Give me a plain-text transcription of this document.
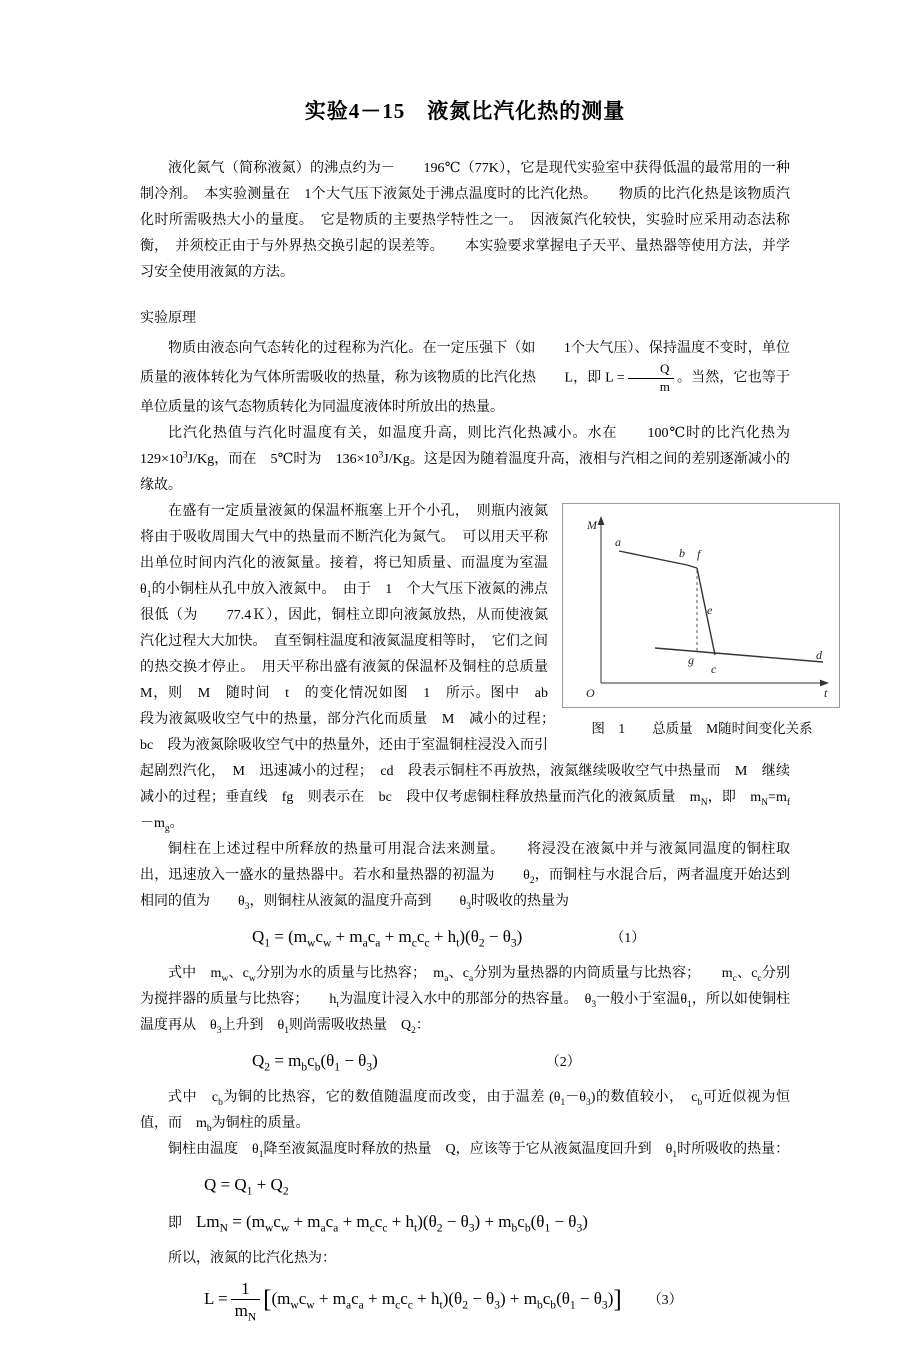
实验4－15　液氮比汽化热的测量
液化氮气（简称液氮）的沸点约为－　　196℃（77K），它是现代实验室中获得低温的最常用的一种制冷剂。　本实验测量在　1个大气压下液氮处于沸点温度时的比汽化热。　　物质的比汽化热是该物质汽化时所需吸热大小的量度。　它是物质的主要热学特性之一。　因液氮汽化较快，实验时应采用动态法称衡，　并须校正由于与外界热交换引起的误差等。　　本实验要求掌握电子天平、量热器等使用方法，并学习安全使用液氮的方法。
实验原理
物质由液态向气态转化的过程称为汽化。在一定压强下（如　　1个大气压）、保持温度不变时，单位质量的液体转化为气体所需吸收的热量，称为该物质的比汽化热　　L，即 $L = \frac{Q}{m}$ 。当然，它也等于单位质量的该气态物质转化为同温度液体时所放出的热量。
比汽化热值与汽化时温度有关，如温度升高，则比汽化热减小。水在　　100℃时的比汽化热为　$129\times 10^3J/Kg$，而在　5℃时为　$136\times 10^3J/Kg$。这是因为随着温度升高，液相与汽相之间的差别逐渐减小的缘故。
M
t
O
a
b f
e
g
c
d
图　1　　总质量　M随时间变化关系
在盛有一定质量液氮的保温杯瓶塞上开个小孔，　则瓶内液氮将由于吸收周围大气中的热量而不断汽化为氮气。　可以用天平称出单位时间内汽化的液氮量。接着，将已知质量、而温度为室温　$\theta_1$的小铜柱从孔中放入液氮中。　由于　1　个大气压下液氮的沸点很低（为　　77.4Ｋ），因此，铜柱立即向液氮放热，从而使液氮汽化过程大大加快。　直至铜柱温度和液氮温度相等时，　它们之间的热交换才停止。　用天平称出盛有液氮的保温杯及铜柱的总质量　M，则　M　随时间　t　的变化情况如图　1　所示。图中　ab　段为液氮吸收空气中的热量，部分汽化而质量　M　减小的过程；　bc　段为液氮除吸收空气中的热量外，还由于室温铜柱浸没入而引起剧烈汽化，　M　迅速减小的过程；　cd　段表示铜柱不再放热，液氮继续吸收空气中热量而　M　继续减小的过程；垂直线　fg　则表示在　bc　段中仅考虑铜柱释放热量而汽化的液氮质量　$m_N$，即　$m_N=m_f-m_g$。
铜柱在上述过程中所释放的热量可用混合法来测量。　　将浸没在液氮中并与液氮同温度的铜柱取出，迅速放入一盛水的量热器中。若水和量热器的初温为　　$\theta_2$，而铜柱与水混合后，两者温度开始达到相同的值为　　$\theta_3$，则铜柱从液氮的温度升高到　　$\theta_3$时吸收的热量为
$Q_1 = (m_wc_w + m_ac_a + m_cc_c + h_t)(\theta_2 - \theta_3)$	（1）
式中　$m_w$、$c_w$分别为水的质量与比热容；　$m_a$、$c_a$分别为量热器的内筒质量与比热容；　　$m_c$、$c_c$分别为搅拌器的质量与比热容；　　$h_t$为温度计浸入水中的那部分的热容量。　$\theta_3$一般小于室温$\theta_1$，所以如使铜柱温度再从　$\theta_3$上升到　$\theta_1$则尚需吸收热量　$Q_2$：
$Q_2 = m_bc_b(\theta_1 - \theta_3)$	（2）
式中　$c_b$为铜的比热容，它的数值随温度而改变，由于温差 $(\theta_1-\theta_3)$的数值较小，　$c_b$可近似视为恒值，而　$m_b$为铜柱的质量。
铜柱由温度　$\theta_1$降至液氮温度时释放的热量　Q，应该等于它从液氮温度回升到　$\theta_1$时所吸收的热量：
$Q = Q_1 + Q_2$
即 $Lm_N = (m_wc_w + m_ac_a + m_cc_c + h_t)(\theta_2 - \theta_3) + m_bc_b(\theta_1 - \theta_3)$
所以，液氮的比汽化热为：
$L = \frac{1}{m_N} [(m_wc_w + m_ac_a + m_cc_c + h_t)(\theta_2 - \theta_3) + m_bc_b(\theta_1 - \theta_3)]$ （3）
